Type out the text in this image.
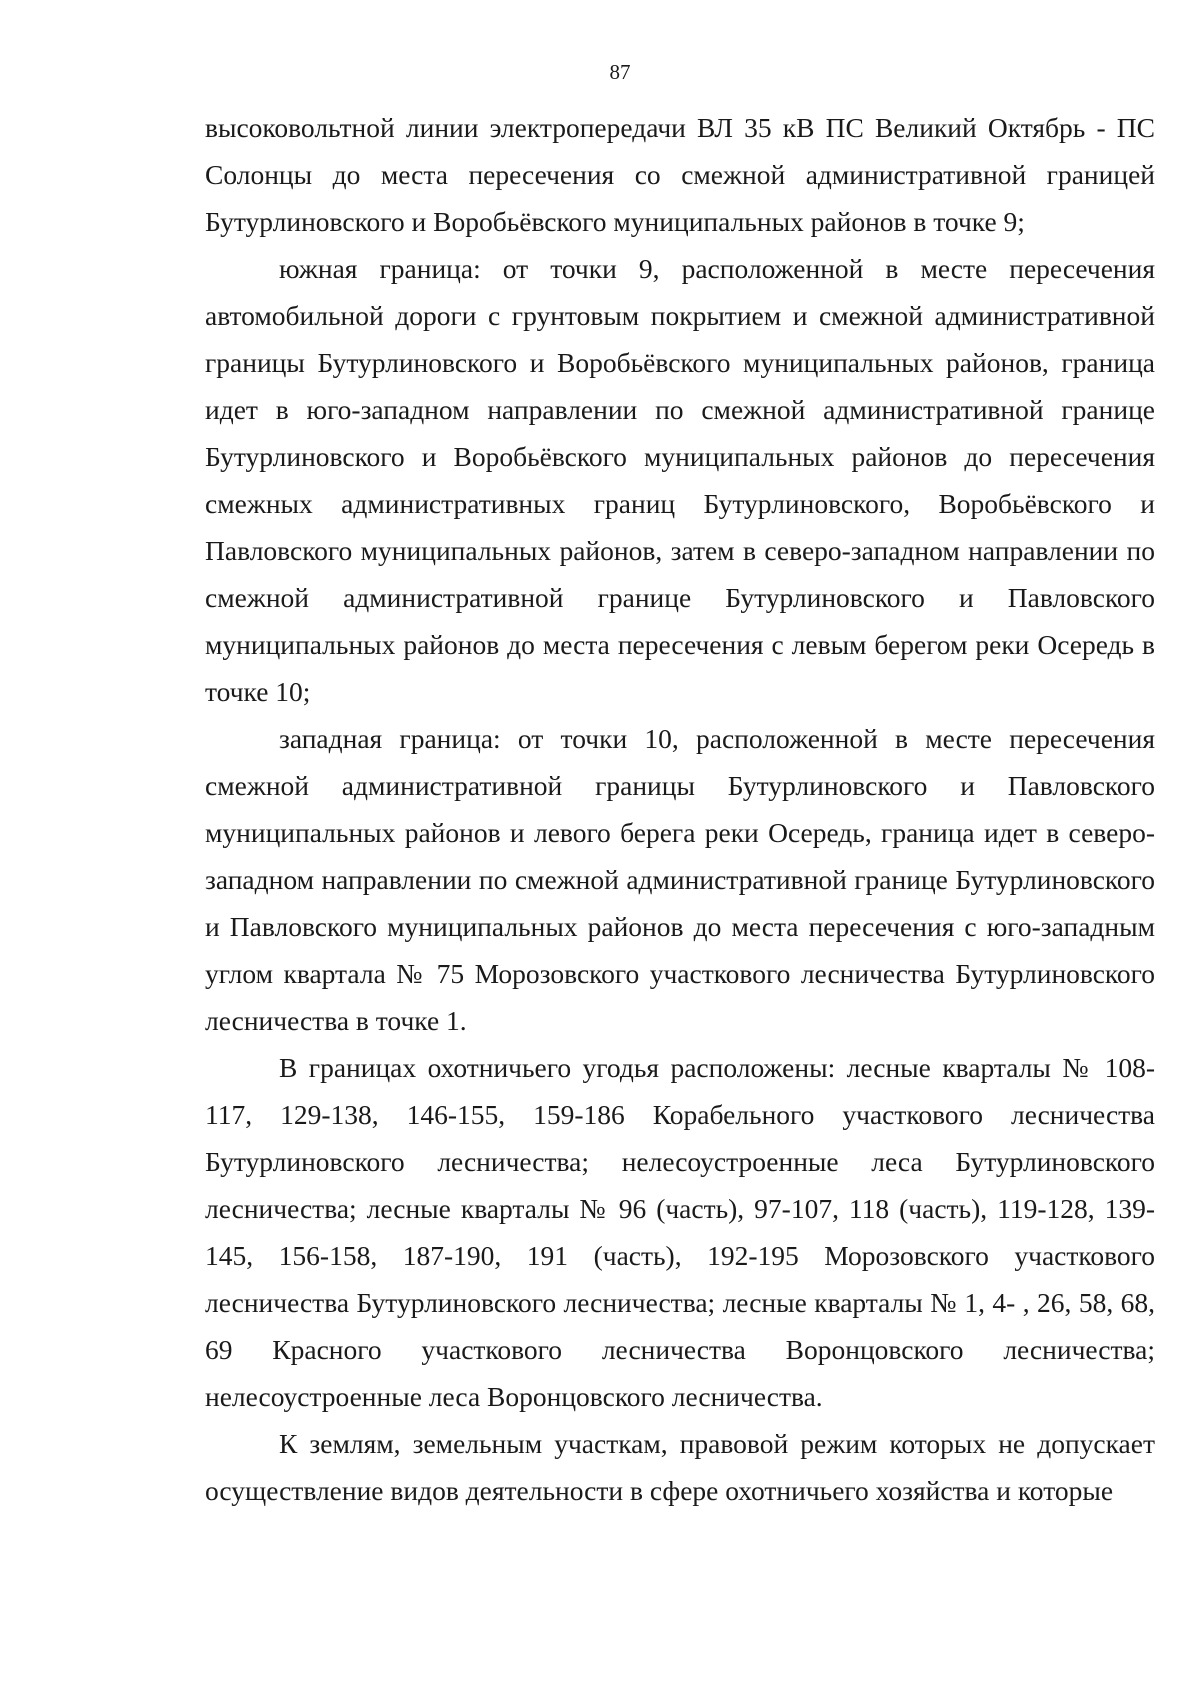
87

высоковольтной линии электропередачи ВЛ 35 кВ ПС Великий Октябрь - ПС Солонцы до места пересечения со смежной административной границей Бутурлиновского и Воробьёвского муниципальных районов в точке 9;

южная граница: от точки 9, расположенной в месте пересечения автомобильной дороги с грунтовым покрытием и смежной административной границы Бутурлиновского и Воробьёвского муниципальных районов, граница идет в юго-западном направлении по смежной административной границе Бутурлиновского и Воробьёвского муниципальных районов до пересечения смежных административных границ Бутурлиновского, Воробьёвского и Павловского муниципальных районов, затем в северо-западном направлении по смежной административной границе Бутурлиновского и Павловского муниципальных районов до места пересечения с левым берегом реки Осередь в точке 10;

западная граница: от точки 10, расположенной в месте пересечения смежной административной границы Бутурлиновского и Павловского муниципальных районов и левого берега реки Осередь, граница идет в северо-западном направлении по смежной административной границе Бутурлиновского и Павловского муниципальных районов до места пересечения с юго-западным углом квартала № 75 Морозовского участкового лесничества Бутурлиновского лесничества в точке 1.

В границах охотничьего угодья расположены: лесные кварталы № 108-117, 129-138, 146-155, 159-186 Корабельного участкового лесничества Бутурлиновского лесничества; нелесоустроенные леса Бутурлиновского лесничества; лесные кварталы № 96 (часть), 97-107, 118 (часть), 119-128, 139-145, 156-158, 187-190, 191 (часть), 192-195 Морозовского участкового лесничества Бутурлиновского лесничества; лесные кварталы № 1, 4- , 26, 58, 68, 69 Красного участкового лесничества Воронцовского лесничества; нелесоустроенные леса Воронцовского лесничества.

К землям, земельным участкам, правовой режим которых не допускает осуществление видов деятельности в сфере охотничьего хозяйства и которые
